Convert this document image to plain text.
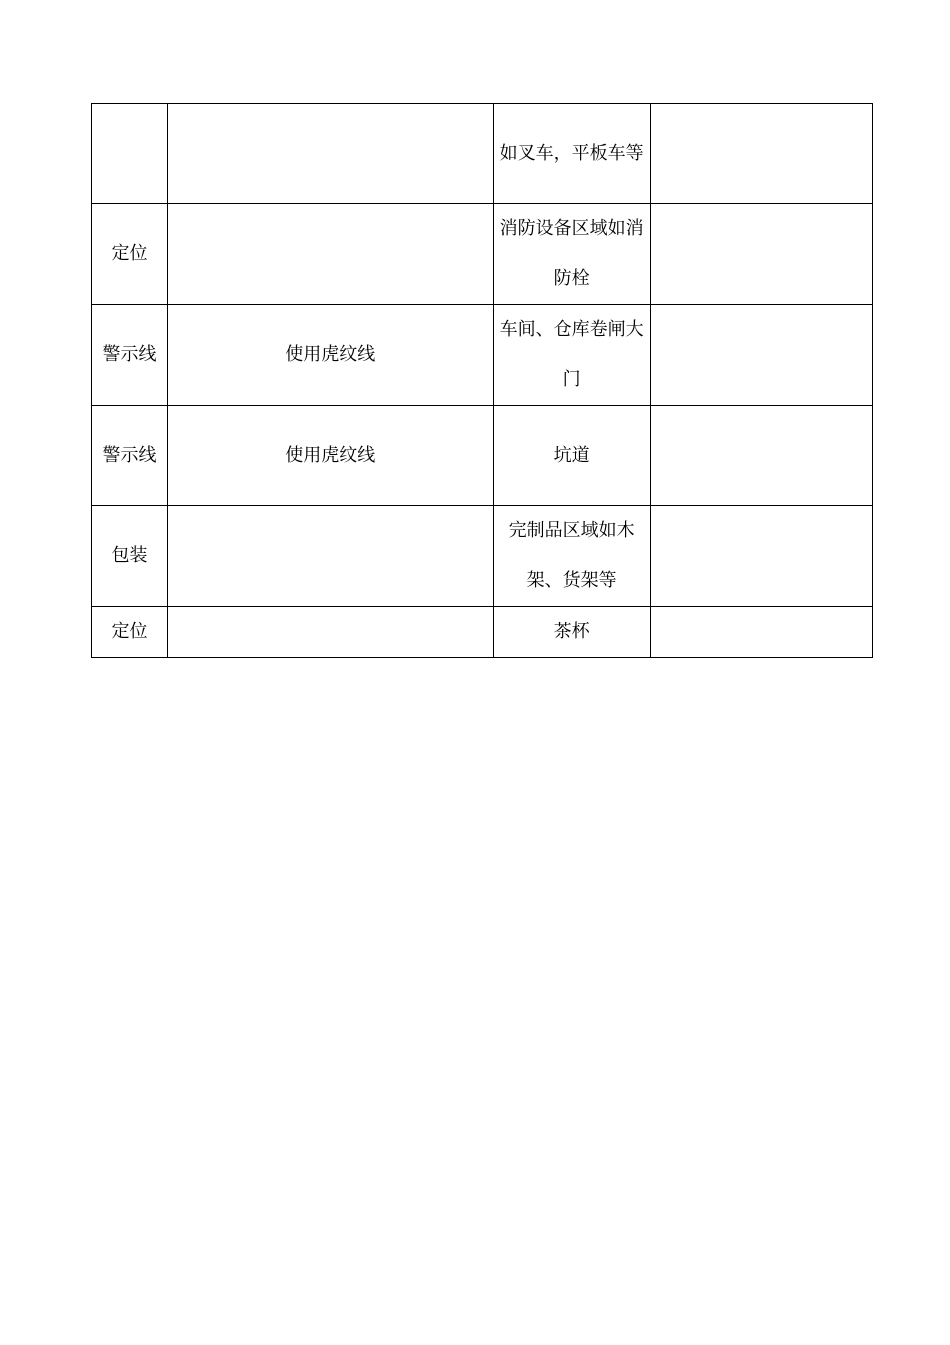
		如叉车，平板车等	
定位		消防设备区域如消防栓	
警示线	使用虎纹线	车间、仓库卷闸大门	
警示线	使用虎纹线	坑道	
包装		完制品区域如木架、货架等	
定位		茶杯	
